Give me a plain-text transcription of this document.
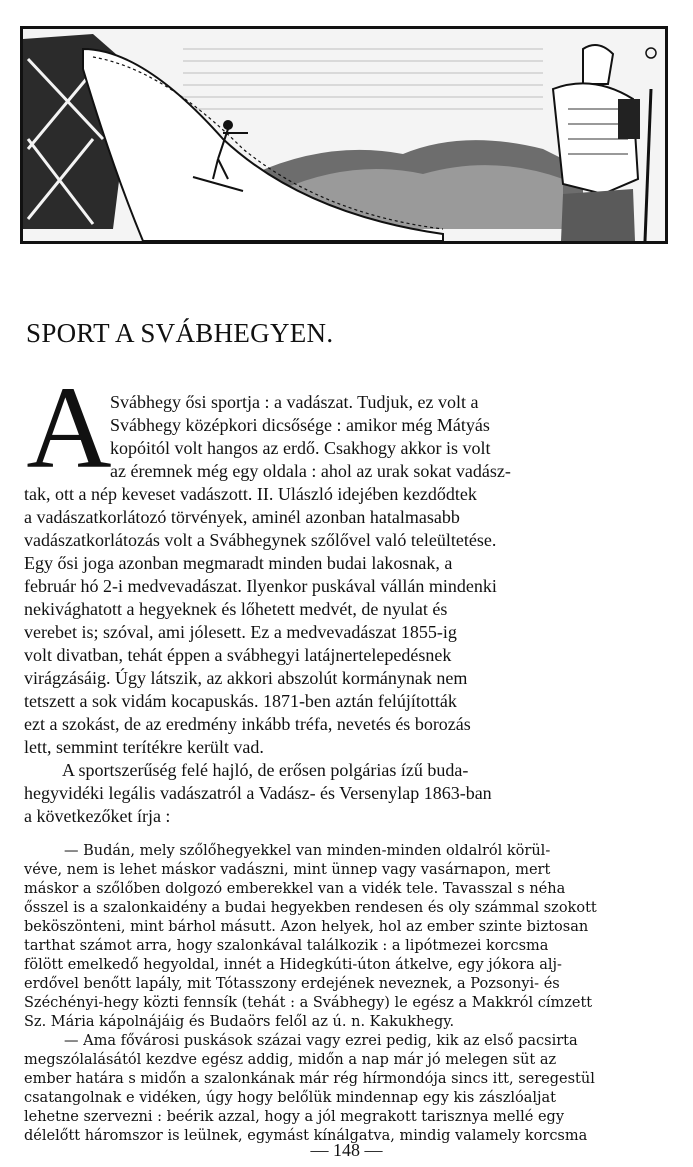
SPORT A SVÁBHEGYEN.
A

Svábhegy ősi sportja : a vadászat. Tudjuk, ez volt a

Svábhegy középkori dicsősége : amikor még Mátyás

kopóitól volt hangos az erdő. Csakhogy akkor is volt

az éremnek még egy oldala : ahol az urak sokat vadász-

tak, ott a nép keveset vadászott. II. Ulászló idejében kezdődtek

a vadászatkorlátozó törvények, aminél azonban hatalmasabb

vadászatkorlátozás volt a Svábhegynek szőlővel való teleültetése.

Egy ősi joga azonban megmaradt minden budai lakosnak, a

február hó 2-i medvevadászat. Ilyenkor puskával vállán mindenki

nekivághatott a hegyeknek és lőhetett medvét, de nyulat és

verebet is; szóval, ami jólesett. Ez a medvevadászat 1855-ig

volt divatban, tehát éppen a svábhegyi latájnertelepedésnek

virágzásáig. Úgy látszik, az akkori abszolút kormánynak nem

tetszett a sok vidám kocapuskás. 1871-ben aztán felújították

ezt a szokást, de az eredmény inkább tréfa, nevetés és borozás

lett, semmint terítékre került vad.

A sportszerűség felé hajló, de erősen polgárias ízű buda-

hegyvidéki legális vadászatról a Vadász- és Versenylap 1863-ban

a következőket írja :

— Budán, mely szőlőhegyekkel van minden-minden oldalról körül-

véve, nem is lehet máskor vadászni, mint ünnep vagy vasárnapon, mert

máskor a szőlőben dolgozó emberekkel van a vidék tele. Tavasszal s néha

ősszel is a szalonkaidény a budai hegyekben rendesen és oly számmal szokott

beköszönteni, mint bárhol másutt. Azon helyek, hol az ember szinte biztosan

tarthat számot arra, hogy szalonkával találkozik : a lipótmezei korcsma

fölött emelkedő hegyoldal, innét a Hidegkúti-úton átkelve, egy jókora alj-

erdővel benőtt lapály, mit Tótasszony erdejének neveznek, a Pozsonyi- és

Széchényi-hegy közti fennsík (tehát : a Svábhegy) le egész a Makkról címzett

Sz. Mária kápolnájáig és Budaörs felől az ú. n. Kakukhegy.

— Ama fővárosi puskások százai vagy ezrei pedig, kik az első pacsirta

megszólalásától kezdve egész addig, midőn a nap már jó melegen süt az

ember határa s midőn a szalonkának már rég hírmondója sincs itt, seregestül

csatangolnak e vidéken, úgy hogy belőlük mindennap egy kis zászlóaljat

lehetne szervezni : beérik azzal, hogy a jól megrakott tarisznya mellé egy

délelőtt háromszor is leülnek, egymást kínálgatva, mindig valamely korcsma

— 148 —
